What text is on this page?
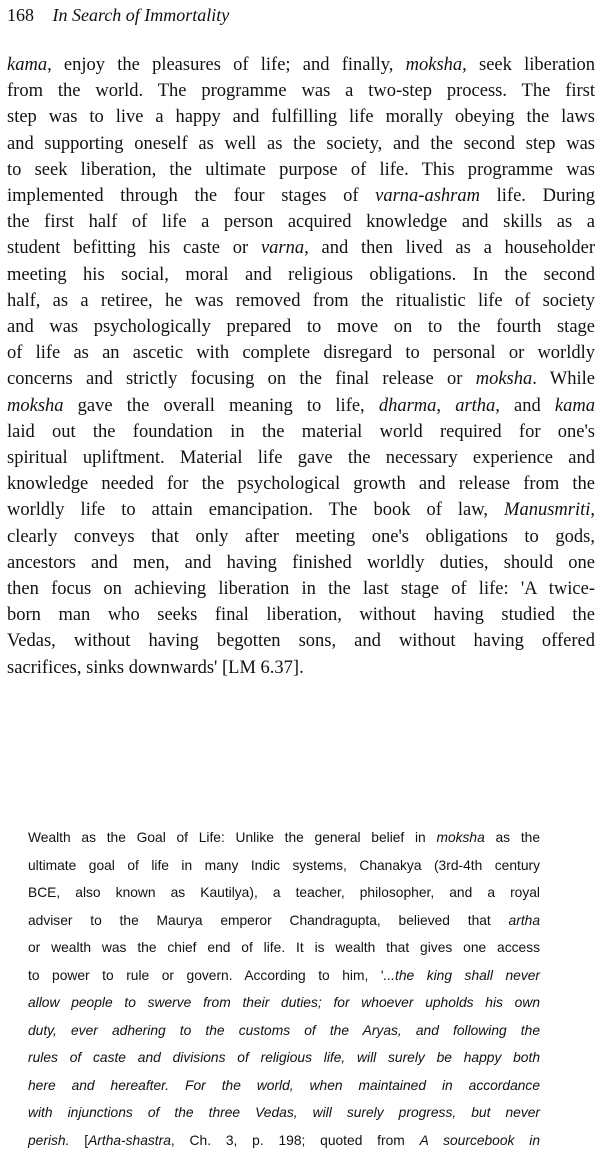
168 In Search of Immortality
kama, enjoy the pleasures of life; and finally, moksha, seek liberation
from the world. The programme was a two-step process. The first
step was to live a happy and fulfilling life morally obeying the laws
and supporting oneself as well as the society, and the second step was
to seek liberation, the ultimate purpose of life. This programme was
implemented through the four stages of varna-ashram life. During
the first half of life a person acquired knowledge and skills as a
student befitting his caste or varna, and then lived as a householder
meeting his social, moral and religious obligations. In the second
half, as a retiree, he was removed from the ritualistic life of society
and was psychologically prepared to move on to the fourth stage
of life as an ascetic with complete disregard to personal or worldly
concerns and strictly focusing on the final release or moksha. While
moksha gave the overall meaning to life, dharma, artha, and kama
laid out the foundation in the material world required for one's
spiritual upliftment. Material life gave the necessary experience and
knowledge needed for the psychological growth and release from the
worldly life to attain emancipation. The book of law, Manusmriti,
clearly conveys that only after meeting one's obligations to gods,
ancestors and men, and having finished worldly duties, should one
then focus on achieving liberation in the last stage of life: 'A twice-
born man who seeks final liberation, without having studied the
Vedas, without having begotten sons, and without having offered
sacrifices, sinks downwards' [LM 6.37].
Wealth as the Goal of Life: Unlike the general belief in moksha as the
ultimate goal of life in many Indic systems, Chanakya (3rd-4th century
BCE, also known as Kautilya), a teacher, philosopher, and a royal
adviser to the Maurya emperor Chandragupta, believed that artha
or wealth was the chief end of life. It is wealth that gives one access
to power to rule or govern. According to him, '...the king shall never
allow people to swerve from their duties; for whoever upholds his own
duty, ever adhering to the customs of the Aryas, and following the
rules of caste and divisions of religious life, will surely be happy both
here and hereafter. For the world, when maintained in accordance
with injunctions of the three Vedas, will surely progress, but never
perish. [Artha-shastra, Ch. 3, p. 198; quoted from A sourcebook in
